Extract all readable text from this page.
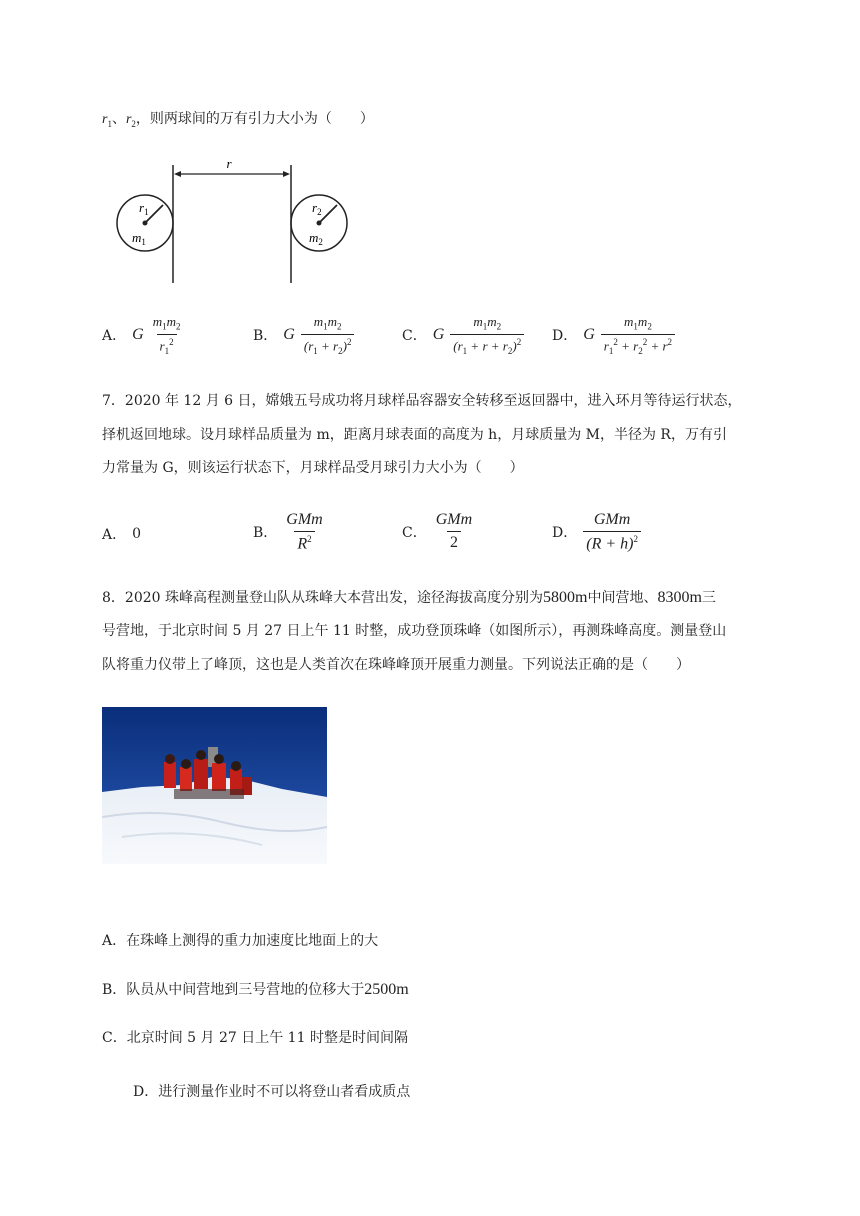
$r_1$、$r_2$，则两球间的万有引力大小为（　　）
r
$r_1$
$m_1$
$r_2$
$m_2$
A． G $\frac{m_1m_2}{r_1^2}$	B． G $\frac{m_1m_2}{(r_1 + r_2)^2}$	C． G $\frac{m_1m_2}{(r_1 + r + r_2)^2}$ D． G $\frac{m_1m_2}{r_1^2 + r_2^2 + r^2}$
7．2020 年 12 月 6 日，嫦娥五号成功将月球样品容器安全转移至返回器中，进入环月等待运行状态，
择机返回地球。设月球样品质量为 m，距离月球表面的高度为 h，月球质量为 M，半径为 R，万有引
力常量为 G，则该运行状态下，月球样品受月球引力大小为（　　）
A． 0	B． $\frac{\text{GMm}}{R^2}$	C． $\frac{\text{GMm}}{2}$	D． $\frac{\text{GMm}}{(R + h)^2}$
8．2020 珠峰高程测量登山队从珠峰大本营出发，途径海拔高度分别为5800m中间营地、8300m三
号营地，于北京时间 5 月 27 日上午 11 时整，成功登顶珠峰（如图所示），再测珠峰高度。测量登山
队将重力仪带上了峰顶，这也是人类首次在珠峰峰顶开展重力测量。下列说法正确的是（　　）
A．在珠峰上测得的重力加速度比地面上的大
B．队员从中间营地到三号营地的位移大于2500m
C．北京时间 5 月 27 日上午 11 时整是时间间隔
D．进行测量作业时不可以将登山者看成质点
